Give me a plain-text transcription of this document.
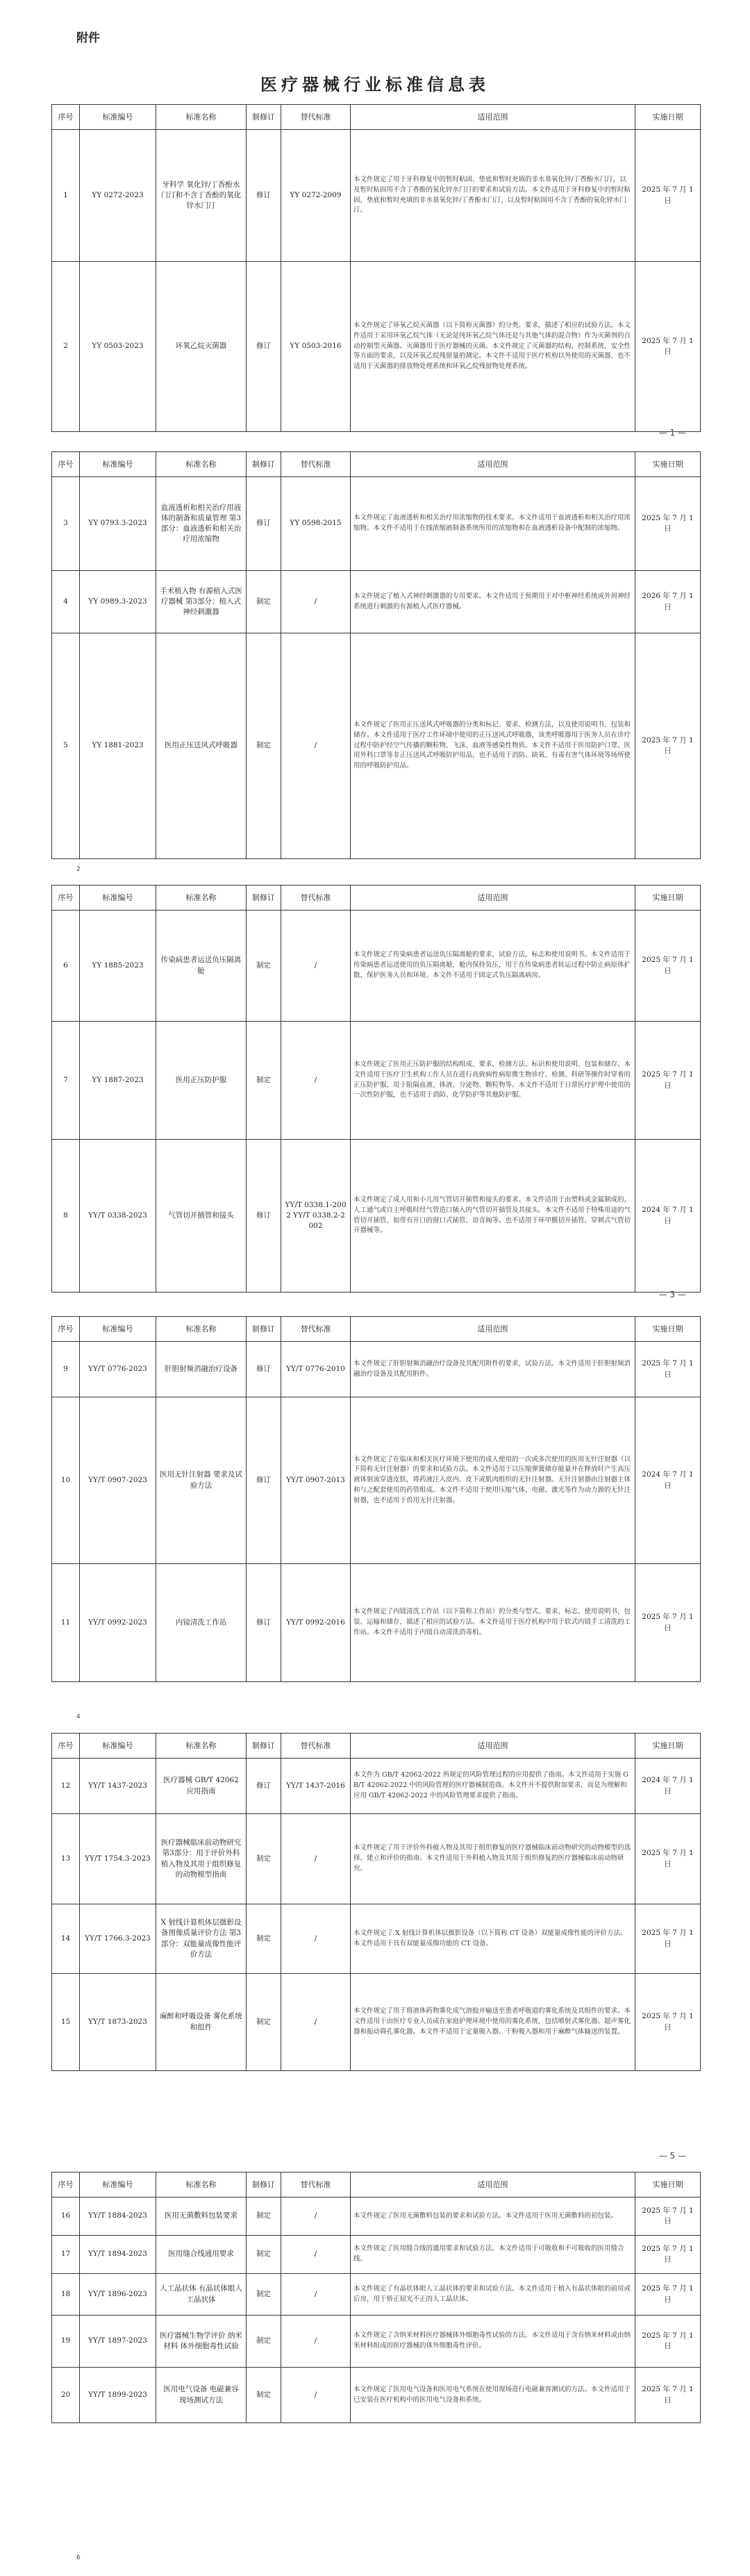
附件
医疗器械行业标准信息表
序号	标准编号	标准名称	制修订	替代标准	适用范围	实施日期
1	YY 0272-2023	牙科学 氧化锌/丁香酚水门汀和不含丁香酚的氧化锌水门汀	修订	YY 0272-2009	本文件规定了用于牙科修复中的暂时粘固、垫底和暂时充填的非水基氧化锌/丁香酚水门汀，以及暂时粘固用不含丁香酚的氧化锌水门汀的要求和试验方法。本文件适用于牙科修复中的暂时粘固、垫底和暂时充填的非水基氧化锌/丁香酚水门汀，以及暂时粘固用不含丁香酚的氧化锌水门汀。	2025 年 7 月 1 日
2	YY 0503-2023	环氧乙烷灭菌器	修订	YY 0503-2016	本文件规定了环氧乙烷灭菌器（以下简称灭菌器）的分类、要求，描述了相应的试验方法。本文件适用于采用环氧乙烷气体（无论是纯环氧乙烷气体还是与其他气体的混合物）作为灭菌剂的自动控制型灭菌器。灭菌器用于医疗器械的灭菌。本文件规定了灭菌器的结构、控制系统、安全性等方面的要求，以及环氧乙烷残留量的测定。本文件不适用于医疗机构以外使用的灭菌器，也不适用于灭菌器的排放物处理系统和环氧乙烷残留物处理系统。	2025 年 7 月 1 日
— 1 —
序号	标准编号	标准名称	制修订	替代标准	适用范围	实施日期
3	YY 0793.3-2023	血液透析和相关治疗用液体的制备和质量管理 第3部分：血液透析和相关治疗用浓缩物	修订	YY 0598-2015	本文件规定了血液透析和相关治疗用浓缩物的技术要求。本文件适用于血液透析和相关治疗用浓缩物。本文件不适用于在线浓缩液制备系统所用的浓缩物和在血液透析设备中配制的浓缩物。	2025 年 7 月 1 日
4	YY 0989.3-2023	手术植入物 有源植入式医疗器械 第3部分：植入式神经刺激器	制定	/	本文件规定了植入式神经刺激器的专用要求。本文件适用于预期用于对中枢神经系统或外周神经系统进行刺激的有源植入式医疗器械。	2026 年 7 月 1 日
5	YY 1881-2023	医用正压送风式呼吸器	制定	/	本文件规定了医用正压送风式呼吸器的分类和标记、要求、检测方法，以及使用说明书、包装和储存。本文件适用于医疗工作环境中使用的正压送风式呼吸器，该类呼吸器用于医务人员在诊疗过程中防护经空气传播的颗粒物、飞沫、血液等感染性物质。本文件不适用于医用防护口罩、医用外科口罩等非正压送风式呼吸防护用品，也不适用于消防、缺氧、有毒有害气体环境等场所使用的呼吸防护用品。	2025 年 7 月 1 日
2
序号	标准编号	标准名称	制修订	替代标准	适用范围	实施日期
6	YY 1885-2023	传染病患者运送负压隔离舱	制定	/	本文件规定了传染病患者运送负压隔离舱的要求，试验方法，标志和使用说明书。本文件适用于传染病患者运送使用的负压隔离舱，舱内保持负压，用于在传染病患者转运过程中防止病原体扩散，保护医务人员和环境。本文件不适用于固定式负压隔离病房。	2025 年 7 月 1 日
7	YY 1887-2023	医用正压防护服	制定	/	本文件规定了医用正压防护服的结构组成、要求、检测方法、标识和使用说明、包装和储存。本文件适用于医疗卫生机构工作人员在进行高致病性病原微生物诊疗、检测、科研等操作时穿着的正压防护服，用于阻隔血液、体液、分泌物、颗粒物等。本文件不适用于日常医疗护理中使用的一次性防护服，也不适用于消防、化学防护等其他防护服。	2025 年 7 月 1 日
8	YY/T 0338-2023	气管切开插管和接头	修订	YY/T 0338.1-2002 YY/T 0338.2-2002	本文件规定了成人用和小儿用气管切开插管和接头的要求。本文件适用于由塑料或金属制成的、人工通气或自主呼吸时经气管造口插入的气管切开插管及其接头。本文件不适用于特殊用途的气管切开插管，如带有开口的窗口式插管、语音阀等。也不适用于环甲膜切开插管、穿刺式气管切开器械等。	2024 年 7 月 1 日
— 3 —
序号	标准编号	标准名称	制修订	替代标准	适用范围	实施日期
9	YY/T 0776-2023	肝胆射频消融治疗设备	修订	YY/T 0776-2010	本文件规定了肝胆射频消融治疗设备及其配用附件的要求，试验方法。本文件适用于肝胆射频消融治疗设备及其配用附件。	2025 年 7 月 1 日
10	YY/T 0907-2023	医用无针注射器 要求及试验方法	修订	YY/T 0907-2013	本文件规定了在临床和相关医疗环境下使用的成人使用的一次或多次使用的医用无针注射器（以下简称无针注射器）的要求和试验方法。本文件适用于以压缩弹簧储存能量并在释放时产生高压液体射流穿透皮肤，将药液注入皮内、皮下或肌肉组织的无针注射器。无针注射器由注射器主体和与之配套使用的药管组成。本文件不适用于使用压缩气体、电磁、激光等作为动力源的无针注射器，也不适用于兽用无针注射器。	2024 年 7 月 1 日
11	YY/T 0992-2023	内镜清洗工作站	修订	YY/T 0992-2016	本文件规定了内镜清洗工作站（以下简称工作站）的分类与型式、要求、标志、使用说明书，包装、运输和储存，描述了相应的试验方法。本文件适用于医疗机构中用于软式内镜手工清洗的工作站。本文件不适用于内镜自动清洗消毒机。	2025 年 7 月 1 日
4
序号	标准编号	标准名称	制修订	替代标准	适用范围	实施日期
12	YY/T 1437-2023	医疗器械 GB/T 42062 应用指南	修订	YY/T 1437-2016	本文件为 GB/T 42062-2022 所规定的风险管理过程的应用提供了指南。本文件适用于实施 GB/T 42062-2022 中的风险管理的医疗器械制造商。本文件并不提供附加要求，而是为理解和应用 GB/T 42062-2022 中的风险管理要求提供了指南。	2024 年 7 月 1 日
13	YY/T 1754.3-2023	医疗器械临床前动物研究 第3部分：用于评价外科植入物及其用于组织修复的动物模型指南	制定	/	本文件规定了用于评价外科植入物及其用于组织修复的医疗器械临床前动物研究的动物模型的选择、建立和评价的指南。本文件适用于外科植入物及其用于组织修复的医疗器械临床前动物研究。	2025 年 7 月 1 日
14	YY/T 1766.3-2023	X 射线计算机体层摄影设备图像质量评价方法 第3部分：双能量成像性能评价方法	制定	/	本文件规定了 X 射线计算机体层摄影设备（以下简称 CT 设备）双能量成像性能的评价方法。本文件适用于具有双能量成像功能的 CT 设备。	2025 年 7 月 1 日
15	YY/T 1873-2023	麻醉和呼吸设备 雾化系统和组件	制定	/	本文件规定了用于将液体药物雾化成气溶胶并输送至患者呼吸道的雾化系统及其组件的要求。本文件适用于由医疗专业人员或在家庭护理环境中使用的雾化系统，包括喷射式雾化器、超声雾化器和振动筛孔雾化器。本文件不适用于定量吸入器、干粉吸入器和用于麻醉气体输送的装置。	2025 年 7 月 1 日
— 5 —
序号	标准编号	标准名称	制修订	替代标准	适用范围	实施日期
16	YY/T 1884-2023	医用无菌敷料包装要求	制定	/	本文件规定了医用无菌敷料包装的要求和试验方法。本文件适用于医用无菌敷料的初包装。	2025 年 7 月 1 日
17	YY/T 1894-2023	医用缝合线通用要求	制定	/	本文件规定了医用缝合线的通用要求和试验方法。本文件适用于可吸收和不可吸收的医用缝合线。	2025 年 7 月 1 日
18	YY/T 1896-2023	人工晶状体 有晶状体眼人工晶状体	制定	/	本文件规定了有晶状体眼人工晶状体的要求和试验方法。本文件适用于植入有晶状体眼的前房或后房，用于矫正屈光不正的人工晶状体。	2025 年 7 月 1 日
19	YY/T 1897-2023	医疗器械生物学评价 纳米材料 体外细胞毒性试验	制定	/	本文件规定了含纳米材料医疗器械体外细胞毒性试验的方法。本文件适用于含有纳米材料或由纳米材料组成的医疗器械的体外细胞毒性评价。	2025 年 7 月 1 日
20	YY/T 1899-2023	医用电气设备 电磁兼容 现场测试方法	制定	/	本文件规定了医用电气设备和医用电气系统在使用现场进行电磁兼容测试的方法。本文件适用于已安装在医疗机构中的医用电气设备和系统。	2025 年 7 月 1 日
6
